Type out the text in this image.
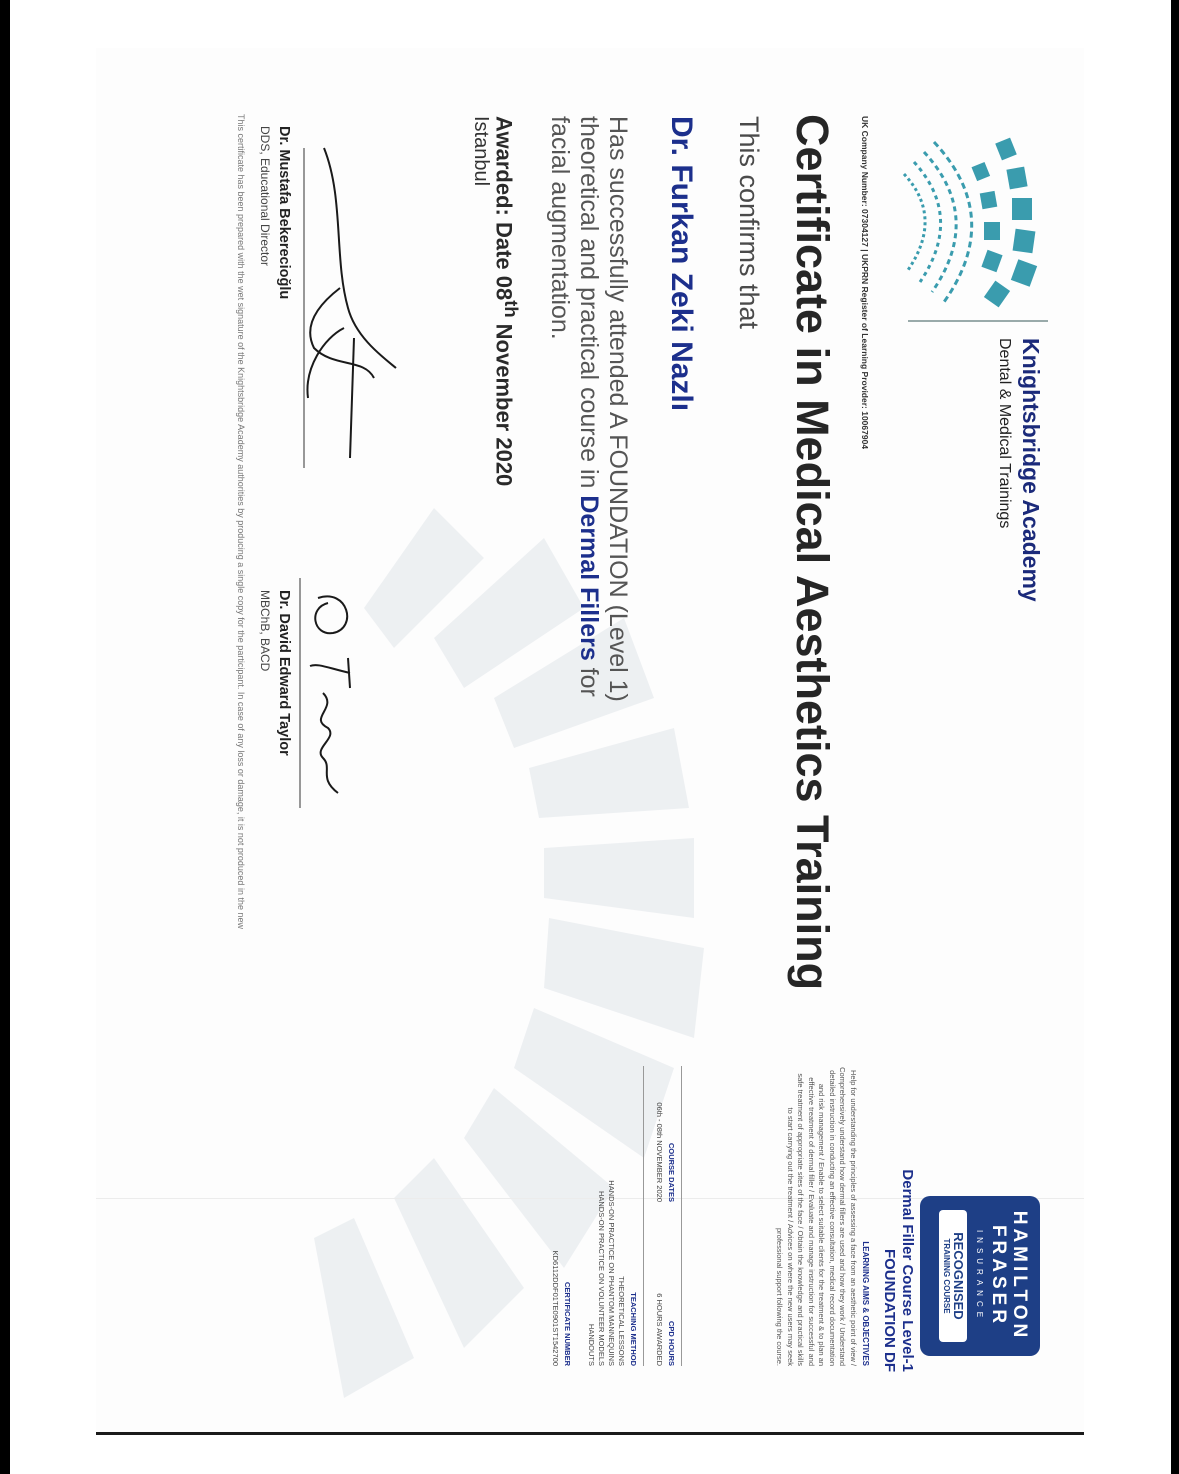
Knightsbridge Academy
Dental & Medical Trainings
UK Company Number: 07304127 | UKPRN Register of Learning Provider: 10067904
Certificate in Medical Aesthetics Training
This confirms that
Dr. Furkan Zeki Nazlı
Has successfully attended A FOUNDATION (Level 1) theoretical and practical course in Dermal Fillers for facial augmentation.
Awarded: Date 08th November 2020
Istanbul
Dr. Mustafa Bekerecioğlu
DDS, Educational Director
Dr. David Edward Taylor
MBChB, BACD
This certificate has been prepared with the wet signature of the Knightsbridge Academy authorities by producing a single copy for the participant. In case of any loss or damage, it is not produced in the new
HAMILTON
FRASER
INSURANCE
RECOGNISED
TRAINING COURSE
Dermal Filler Course Level-1
FOUNDATION DF
LEARNING AIMS & OBJECTIVES
Help for understanding the principles of assessing a face from an aesthetic point of view / Comprehensively understand how dermal fillers are used and how they work / Understand detailed instruction in conducting an effective consultation, medical record documentation and risk management / Enable to select suitable clients for the treatment & to plan an effective treatment of dermal filler / Evaluate and manage instruction for successful and safe treatment of appropriate sites of the face / Obtain the knowledge and practical skills to start carrying out the treatment / Advices on where the new users may seek professional support following the course.
CPD HOURS
6 HOURS AWARDED
COURSE DATES
06th - 08th NOVEMBER 2020
TEACHING METHOD
THEORETICAL LESSONS
HANDS-ON PRACTICE ON PHANTOM MANNEQUINS
HANDS-ON PRACTICE ON VOLUNTEER MODELS
HANDOUTS
CERTIFICATE NUMBER
KD6112DDF01TE0901ST1542700
